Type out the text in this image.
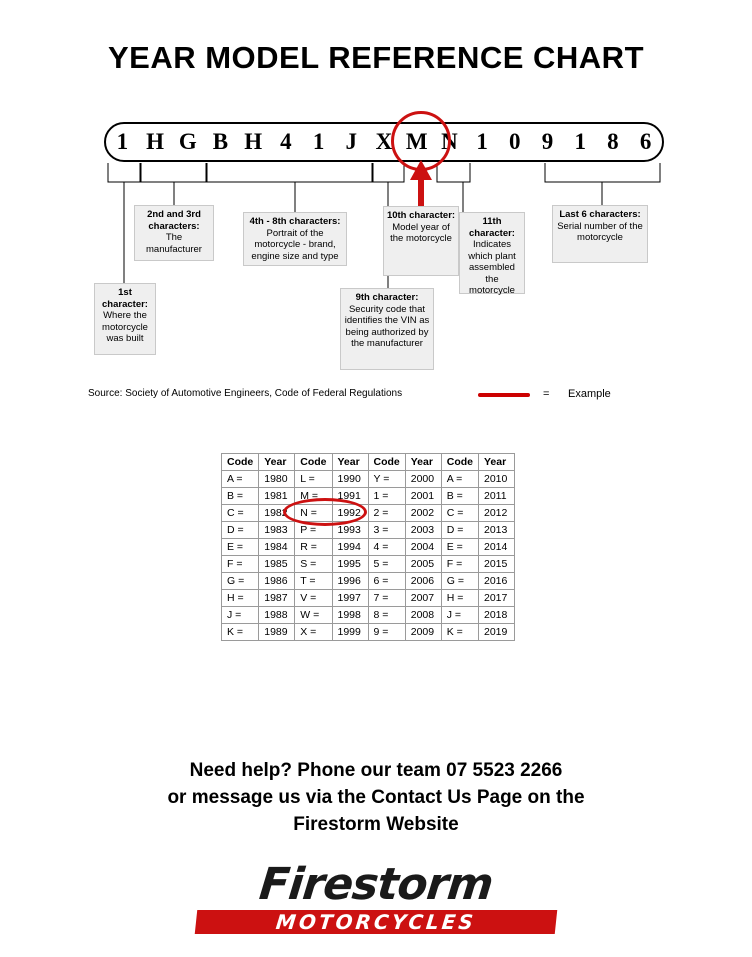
YEAR MODEL REFERENCE CHART
1 H G B H 4 1 J X M N 1 0 9 1 8 6
1st character:
Where the motorcycle was built
2nd and 3rd characters:
The manufacturer
4th - 8th characters:
Portrait of the motorcycle - brand, engine size and type
9th character:
Security code that identifies the VIN as being authorized by the manufacturer
10th character:
Model year of the motorcycle
11th character:
Indicates which plant assembled the motorcycle
Last 6 characters:
Serial number of the motorcycle
Source: Society of Automotive Engineers, Code of Federal Regulations	= Example
Code	Year	Code	Year	Code	Year	Code	Year
A =	1980	L =	1990	Y =	2000	A =	2010
B =	1981	M =	1991	1 =	2001	B =	2011
C =	1982	N =	1992	2 =	2002	C =	2012
D =	1983	P =	1993	3 =	2003	D =	2013
E =	1984	R =	1994	4 =	2004	E =	2014
F =	1985	S =	1995	5 =	2005	F =	2015
G =	1986	T =	1996	6 =	2006	G =	2016
H =	1987	V =	1997	7 =	2007	H =	2017
J =	1988	W =	1998	8 =	2008	J =	2018
K =	1989	X =	1999	9 =	2009	K =	2019
Need help? Phone our team 07 5523 2266
or message us via the Contact Us Page on the
Firestorm Website
Firestorm
MOTORCYCLES
